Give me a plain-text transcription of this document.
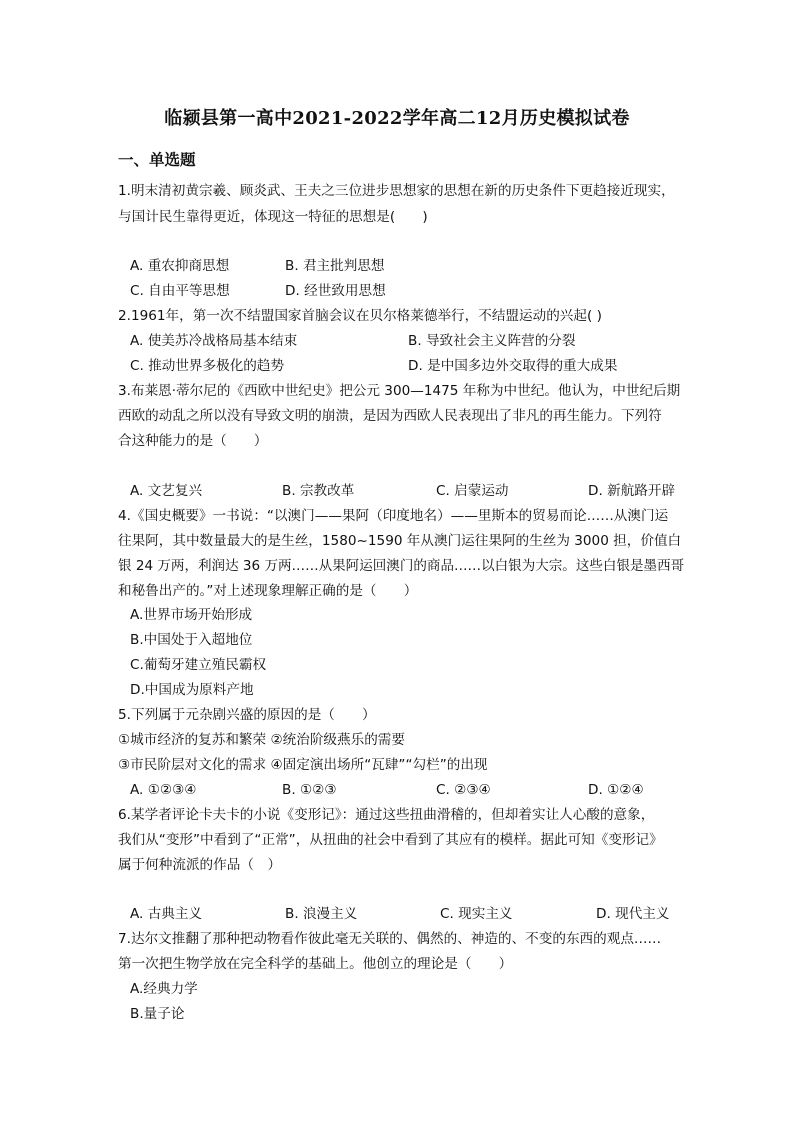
临颍县第一高中2021-2022学年高二12月历史模拟试卷
一、单选题
1.明末清初黄宗羲、顾炎武、王夫之三位进步思想家的思想在新的历史条件下更趋接近现实，
与国计民生靠得更近，体现这一特征的思想是(　　)
A. 重农抑商思想	B. 君主批判思想
C. 自由平等思想	D. 经世致用思想
2.1961年，第一次不结盟国家首脑会议在贝尔格莱德举行，不结盟运动的兴起( )
A. 使美苏冷战格局基本结束	B. 导致社会主义阵营的分裂
C. 推动世界多极化的趋势	D. 是中国多边外交取得的重大成果
3.布莱恩·蒂尔尼的《西欧中世纪史》把公元 300—1475 年称为中世纪。他认为，中世纪后期
西欧的动乱之所以没有导致文明的崩溃，是因为西欧人民表现出了非凡的再生能力。下列符
合这种能力的是（　　）
A. 文艺复兴	B. 宗教改革	C. 启蒙运动	D. 新航路开辟
4.《国史概要》一书说：“以澳门——果阿（印度地名）——里斯本的贸易而论……从澳门运
往果阿，其中数量最大的是生丝，1580~1590 年从澳门运往果阿的生丝为 3000 担，价值白
银 24 万两，利润达 36 万两……从果阿运回澳门的商品……以白银为大宗。这些白银是墨西哥
和秘鲁出产的。”对上述现象理解正确的是（　　）
A.世界市场开始形成
B.中国处于入超地位
C.葡萄牙建立殖民霸权
D.中国成为原料产地
5.下列属于元杂剧兴盛的原因的是（　　）
①城市经济的复苏和繁荣 ②统治阶级燕乐的需要
③市民阶层对文化的需求 ④固定演出场所“瓦肆”“勾栏”的出现
A. ①②③④	B. ①②③	C. ②③④	D. ①②④
6.某学者评论卡夫卡的小说《变形记》：通过这些扭曲滑稽的，但却着实让人心酸的意象，
我们从“变形”中看到了“正常”，从扭曲的社会中看到了其应有的模样。据此可知《变形记》
属于何种流派的作品（　）
A. 古典主义	B. 浪漫主义	C. 现实主义	D. 现代主义
7.达尔文推翻了那种把动物看作彼此毫无关联的、偶然的、神造的、不变的东西的观点……
第一次把生物学放在完全科学的基础上。他创立的理论是（　　）
A.经典力学
B.量子论
